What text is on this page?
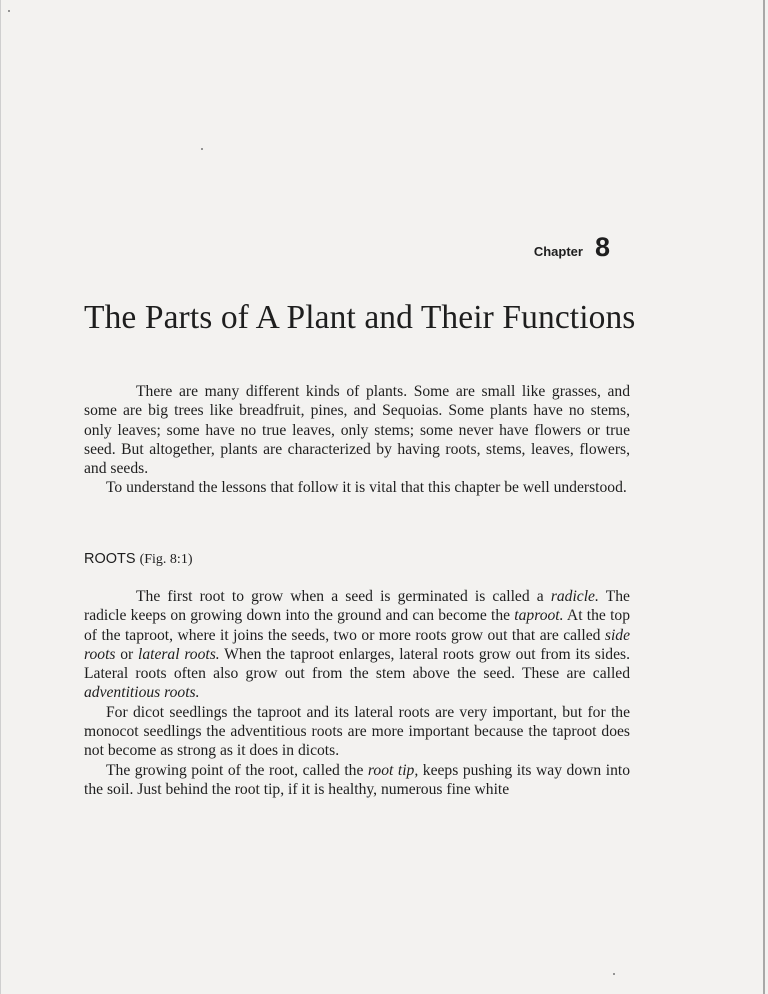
Chapter 8
The Parts of A Plant and Their Functions

There are many different kinds of plants. Some are small like grasses, and some are big trees like breadfruit, pines, and Sequoias. Some plants have no stems, only leaves; some have no true leaves, only stems; some never have flowers or true seed. But altogether, plants are characterized by having roots, stems, leaves, flowers, and seeds.

To understand the lessons that follow it is vital that this chapter be well understood.

ROOTS (Fig. 8:1)

The first root to grow when a seed is germinated is called a radicle. The radicle keeps on growing down into the ground and can become the taproot. At the top of the taproot, where it joins the seeds, two or more roots grow out that are called side roots or lateral roots. When the taproot enlarges, lateral roots grow out from its sides. Lateral roots often also grow out from the stem above the seed. These are called adventitious roots.

For dicot seedlings the taproot and its lateral roots are very important, but for the monocot seedlings the adventitious roots are more important because the taproot does not become as strong as it does in dicots.

The growing point of the root, called the root tip, keeps pushing its way down into the soil. Just behind the root tip, if it is healthy, numerous fine white
